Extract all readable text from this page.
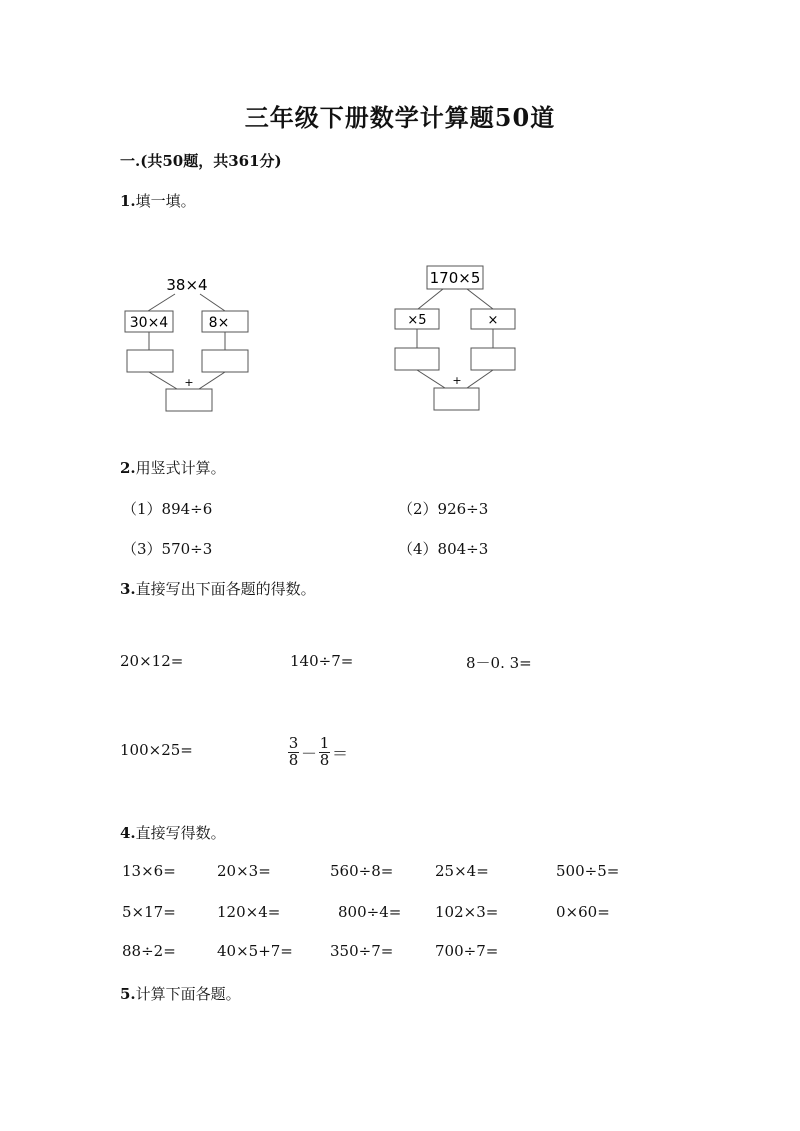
三年级下册数学计算题50道
一.(共50题，共361分)
1.填一填。
38×4
30×4	8×
+
170×5
×5	×
+
2.用竖式计算。
（1）894÷6	（2）926÷3
（3）570÷3	（4）804÷3
3.直接写出下面各题的得数。
20×12=	140÷7=	8－0. 3=
100×25=	$\frac{3}{8} - \frac{1}{8}$ ＝
4.直接写得数。
13×6=	20×3=	560÷8=	25×4=	500÷5=
5×17=	120×4=	800÷4= 102×3=	0×60=
88÷2=	40×5+7= 350÷7=	700÷7=
5.计算下面各题。
